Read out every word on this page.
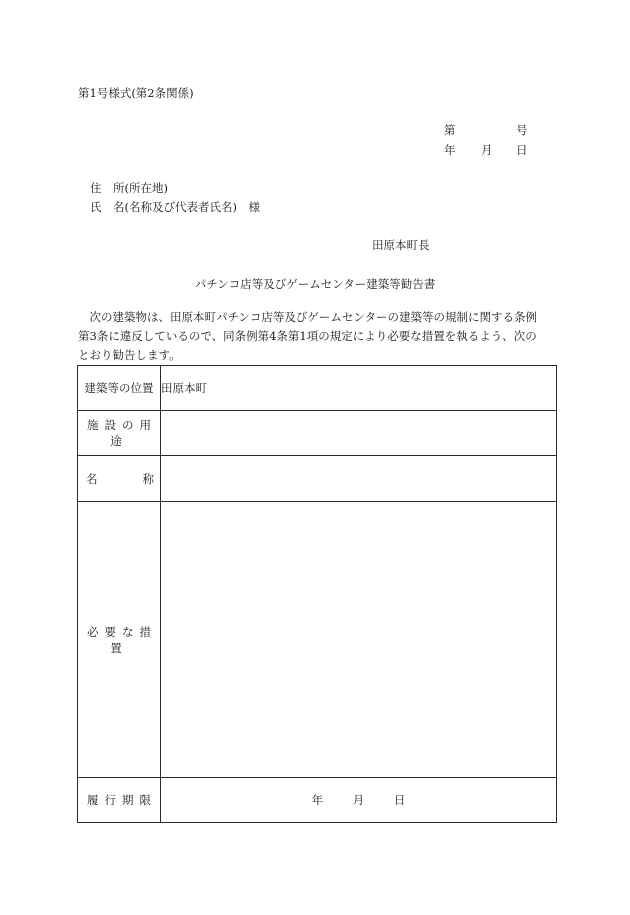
第1号様式(第2条関係)
第	号
年 月 日
住　所(所在地)
氏　名(名称及び代表者氏名)　様
田原本町長
パチンコ店等及びゲームセンター建築等勧告書

　次の建築物は、田原本町パチンコ店等及びゲームセンターの建築等の規制に関する条例

第3条に違反しているので、同条例第4条第1項の規定により必要な措置を執るよう、次の

とおり勧告します。

建築等の位置	田原本町
施設の用途	

名 称	

必要な措置	
履行期限	年 月 日
